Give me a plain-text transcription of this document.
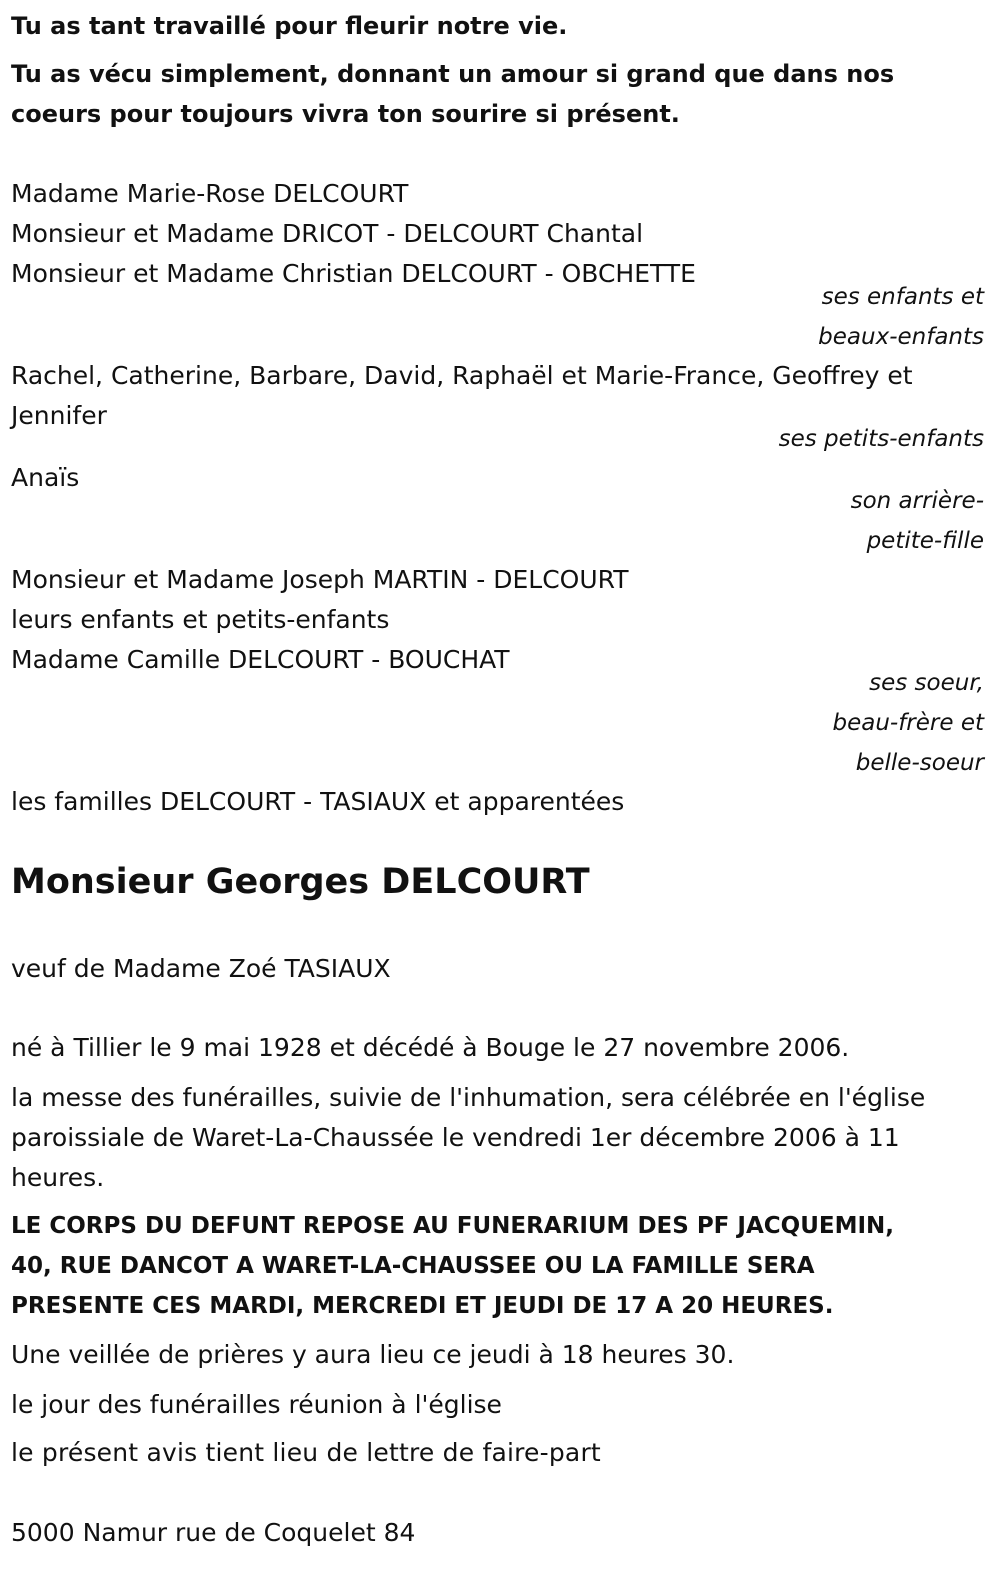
Tu as tant travaillé pour fleurir notre vie.
Tu as vécu simplement, donnant un amour si grand que dans nos
coeurs pour toujours vivra ton sourire si présent.
Madame Marie-Rose DELCOURT
Monsieur et Madame DRICOT - DELCOURT Chantal
Monsieur et Madame Christian DELCOURT - OBCHETTE
ses enfants et
beaux-enfants
Rachel, Catherine, Barbare, David, Raphaël et Marie-France, Geoffrey et
Jennifer
ses petits-enfants
Anaïs
son arrière-
petite-fille
Monsieur et Madame Joseph MARTIN - DELCOURT
leurs enfants et petits-enfants
Madame Camille DELCOURT - BOUCHAT
ses soeur,
beau-frère et
belle-soeur
les familles DELCOURT - TASIAUX et apparentées
Monsieur Georges DELCOURT
veuf de Madame Zoé TASIAUX
né à Tillier le 9 mai 1928 et décédé à Bouge le 27 novembre 2006.
la messe des funérailles, suivie de l'inhumation, sera célébrée en l'église
paroissiale de Waret-La-Chaussée le vendredi 1er décembre 2006 à 11
heures.
LE CORPS DU DEFUNT REPOSE AU FUNERARIUM DES PF JACQUEMIN,
40, RUE DANCOT A WARET-LA-CHAUSSEE OU LA FAMILLE SERA
PRESENTE CES MARDI, MERCREDI ET JEUDI DE 17 A 20 HEURES.
Une veillée de prières y aura lieu ce jeudi à 18 heures 30.
le jour des funérailles réunion à l'église
le présent avis tient lieu de lettre de faire-part
5000 Namur rue de Coquelet 84
